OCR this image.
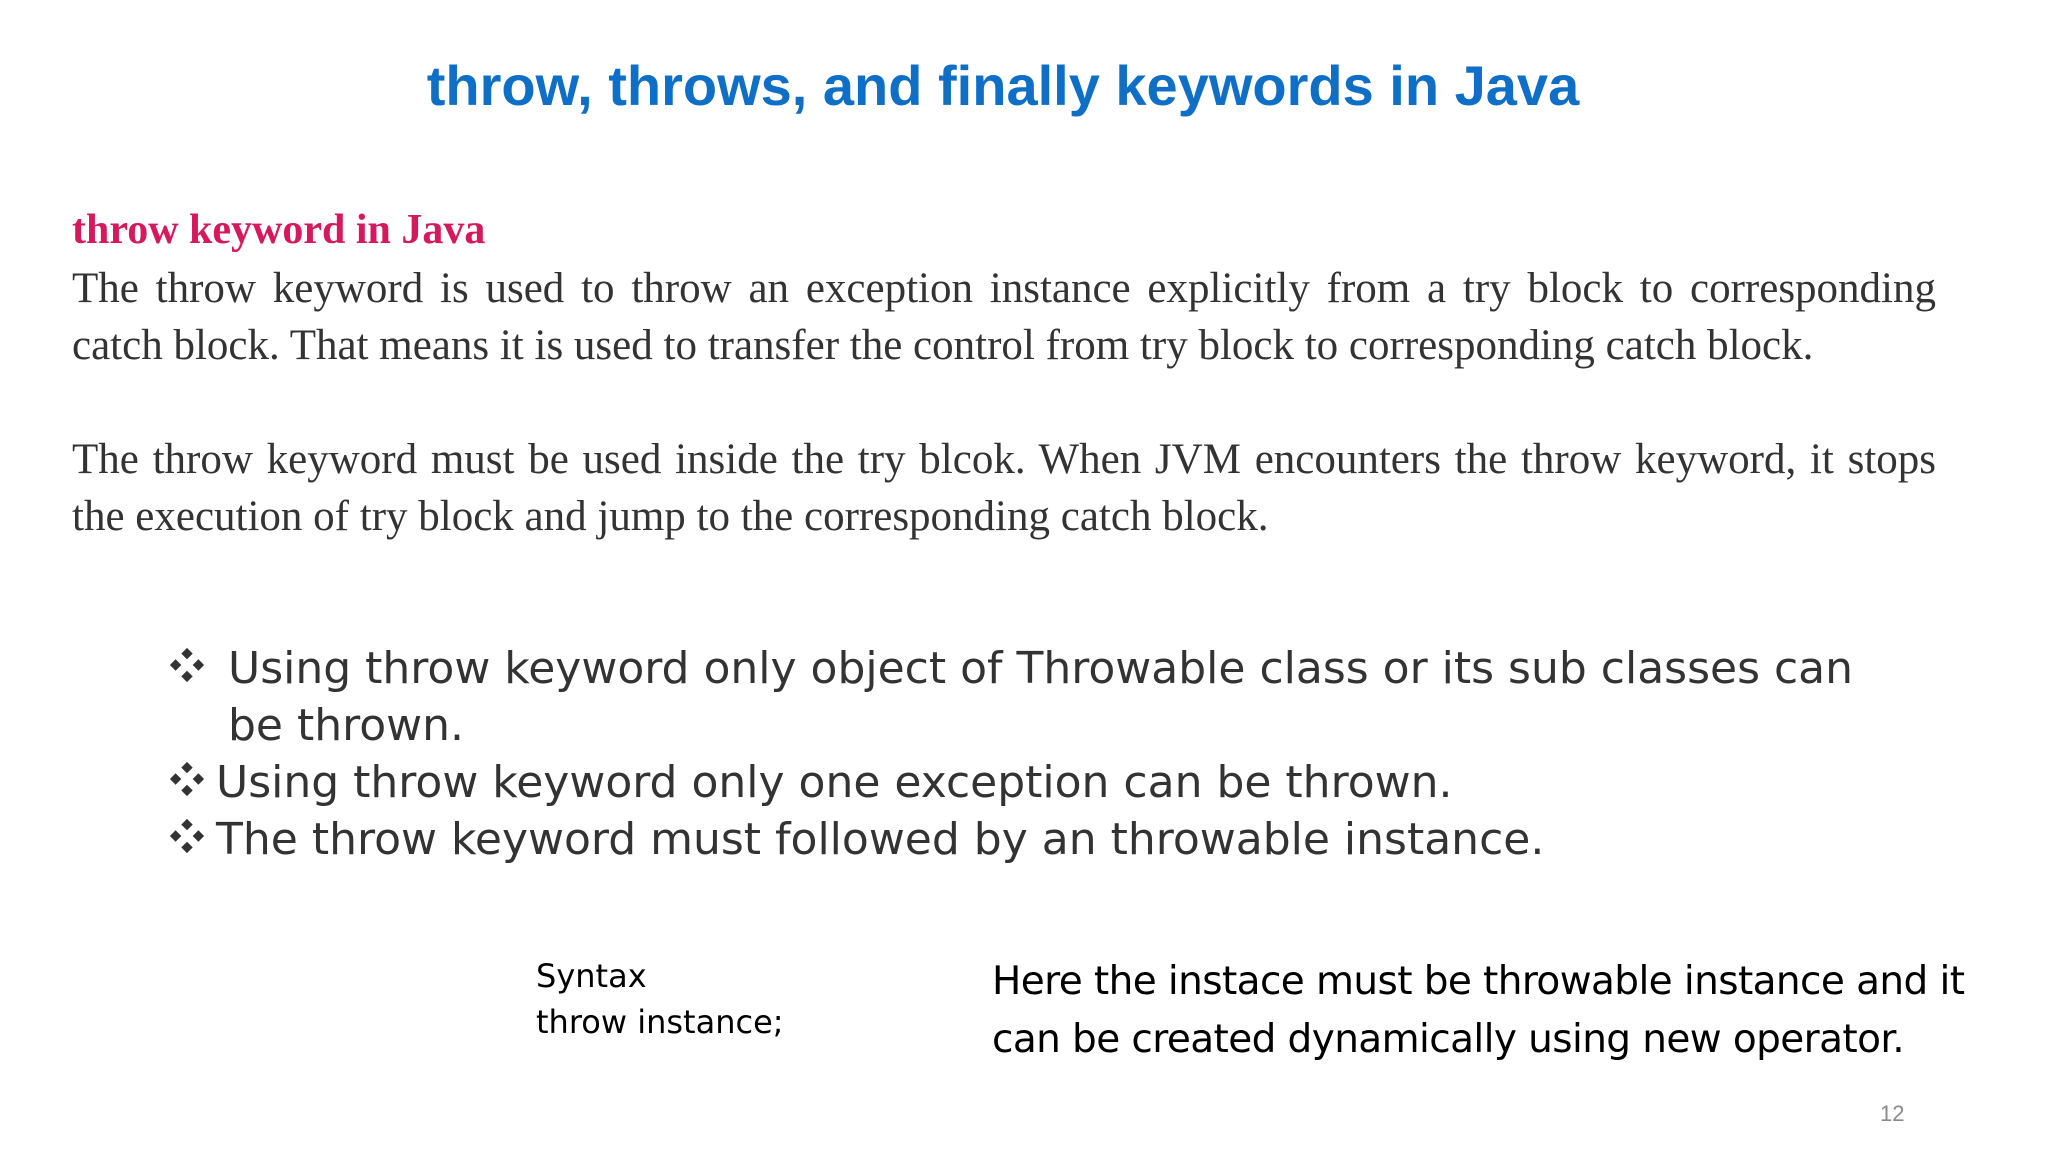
throw, throws, and finally keywords in Java

throw keyword in Java

The throw keyword is used to throw an exception instance explicitly from a try block to corresponding catch block. That means it is used to transfer the control from try block to corresponding catch block.

The throw keyword must be used inside the try blcok. When JVM encounters the throw keyword, it stops the execution of try block and jump to the corresponding catch block.

Using throw keyword only object of Throwable class or its sub classes can be thrown.
Using throw keyword only one exception can be thrown.
The throw keyword must followed by an throwable instance.
Syntax
throw instance;
Here the instace must be throwable instance and it can be created dynamically using new operator.
12
